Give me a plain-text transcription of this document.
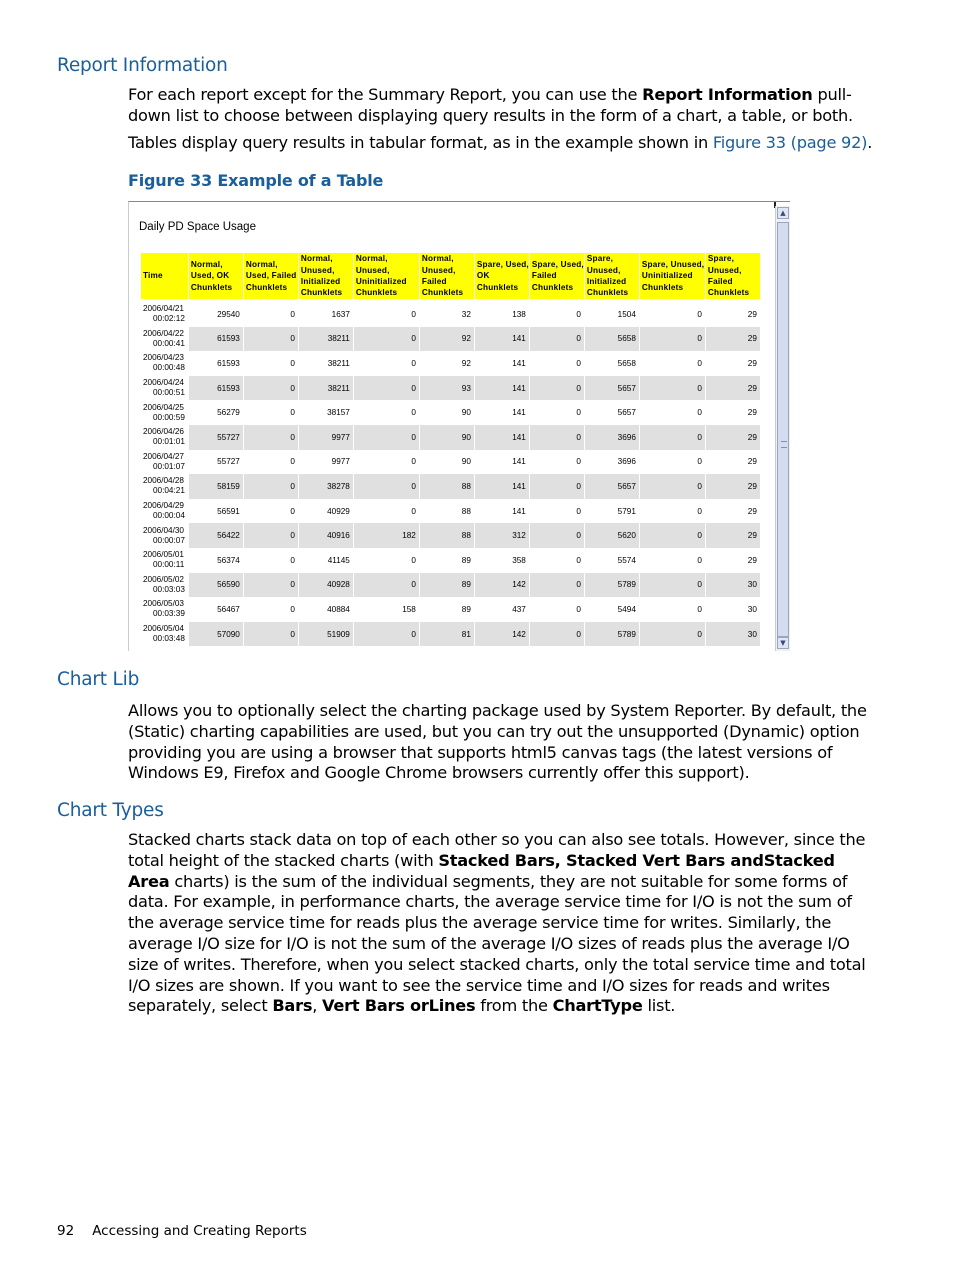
Report Information

For each report except for the Summary Report, you can use the Report Information pull-down list to choose between displaying query results in the form of a chart, a table, or both.

Tables display query results in tabular format, as in the example shown in Figure 33 (page 92).

Figure 33 Example of a Table

Daily PD Space Usage
Time	Normal, Used, OK Chunklets	Normal, Used, Failed Chunklets	Normal, Unused, Initialized Chunklets	Normal, Unused, Uninitialized Chunklets	Normal, Unused, Failed Chunklets	Spare, Used, OK Chunklets	Spare, Used, Failed Chunklets	Spare, Unused, Initialized Chunklets	Spare, Unused, Uninitialized Chunklets	Spare, Unused, Failed Chunklets

2006/04/21
00:02:12	29540	0	1637	0	32	138	0	1504	0	29

2006/04/22
00:00:41	61593	0	38211	0	92	141	0	5658	0	29

2006/04/23
00:00:48	61593	0	38211	0	92	141	0	5658	0	29

2006/04/24
00:00:51	61593	0	38211	0	93	141	0	5657	0	29

2006/04/25
00:00:59	56279	0	38157	0	90	141	0	5657	0	29

2006/04/26
00:01:01	55727	0	9977	0	90	141	0	3696	0	29

2006/04/27
00:01:07	55727	0	9977	0	90	141	0	3696	0	29

2006/04/28
00:04:21	58159	0	38278	0	88	141	0	5657	0	29

2006/04/29
00:00:04	56591	0	40929	0	88	141	0	5791	0	29

2006/04/30
00:00:07	56422	0	40916	182	88	312	0	5620	0	29

2006/05/01
00:00:11	56374	0	41145	0	89	358	0	5574	0	29

2006/05/02
00:03:03	56590	0	40928	0	89	142	0	5789	0	30

2006/05/03
00:03:39	56467	0	40884	158	89	437	0	5494	0	30

2006/05/04
00:03:48	57090	0	51909	0	81	142	0	5789	0	30
▲
▼
Chart Lib

Allows you to optionally select the charting package used by System Reporter. By default, the (Static) charting capabilities are used, but you can try out the unsupported (Dynamic) option providing you are using a browser that supports html5 canvas tags (the latest versions of Windows E9, Firefox and Google Chrome browsers currently offer this support).

Chart Types

Stacked charts stack data on top of each other so you can also see totals. However, since the total height of the stacked charts (with Stacked Bars, Stacked Vert Bars andStacked Area charts) is the sum of the individual segments, they are not suitable for some forms of data. For example, in performance charts, the average service time for I/O is not the sum of the average service time for reads plus the average service time for writes. Similarly, the average I/O size for I/O is not the sum of the average I/O sizes of reads plus the average I/O size of writes. Therefore, when you select stacked charts, only the total service time and total I/O sizes are shown. If you want to see the service time and I/O sizes for reads and writes separately, select Bars, Vert Bars orLines from the ChartType list.

92 Accessing and Creating Reports
